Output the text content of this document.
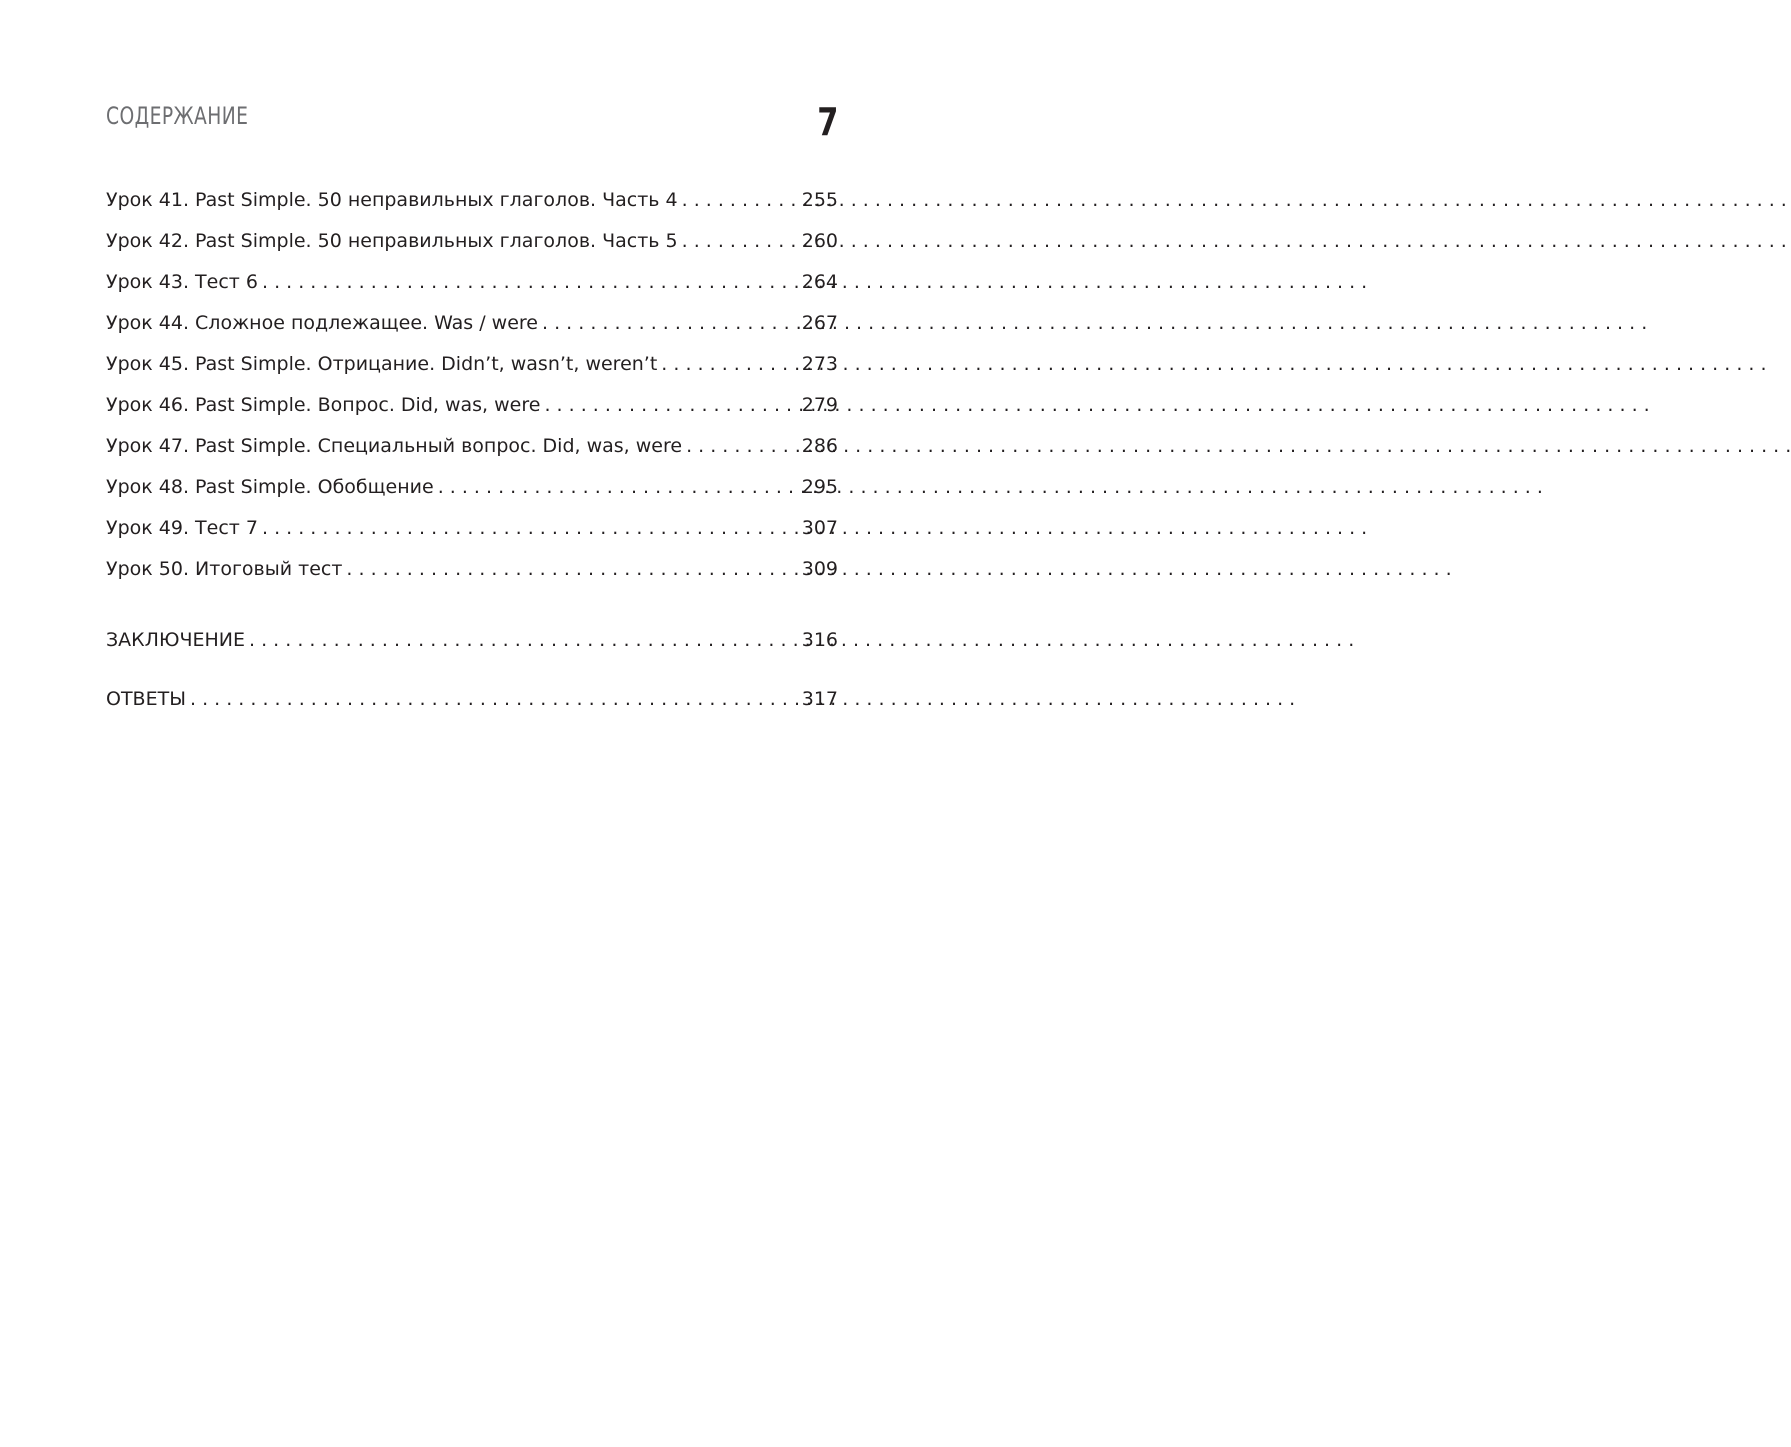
СОДЕРЖАНИЕ	7
Урок 41. Past Simple. 50 неправильных глаголов. Часть 4 . . .	255
Урок 42. Past Simple. 50 неправильных глаголов. Часть 5 . . .	260
Урок 43. Тест 6 . . .	264
Урок 44. Сложное подлежащее. Was / were . . .	267
Урок 45. Past Simple. Отрицание. Didn’t, wasn’t, weren’t . . .	273
Урок 46. Past Simple. Вопрос. Did, was, were . . .	279
Урок 47. Past Simple. Специальный вопрос. Did, was, were . . .	286
Урок 48. Past Simple. Обобщение . . .	295
Урок 49. Тест 7 . . .	307
Урок 50. Итоговый тест . . .	309
ЗАКЛЮЧЕНИЕ . . .	316
ОТВЕТЫ . . .	317
